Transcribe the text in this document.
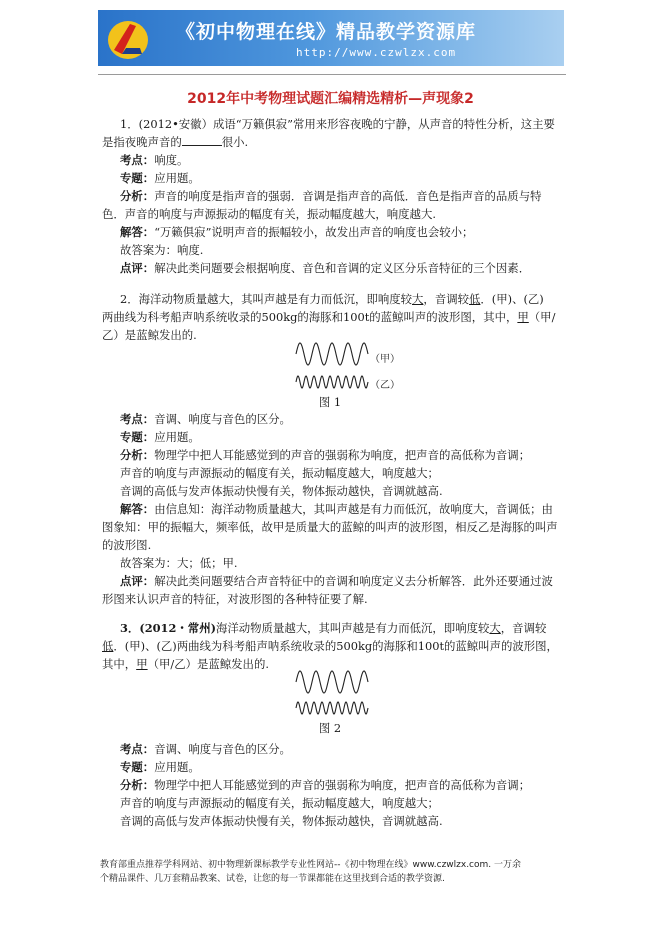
《初中物理在线》精品教学资源库
http://www.czwlzx.com
2012年中考物理试题汇编精选精析—声现象2

1．(2012•安徽）成语“万籁俱寂”常用来形容夜晚的宁静，从声音的特性分析，这主要

是指夜晚声音的	很小.

考点：响度。

专题：应用题。

分析：声音的响度是指声音的强弱．音调是指声音的高低．音色是指声音的品质与特

色．声音的响度与声源振动的幅度有关，振动幅度越大，响度越大.

解答：“万籁俱寂”说明声音的振幅较小，故发出声音的响度也会较小；

故答案为：响度.

点评：解决此类问题要会根据响度、音色和音调的定义区分乐音特征的三个因素．

2．海洋动物质量越大，其叫声越是有力而低沉，即响度较大，音调较低．(甲)、(乙)

两曲线为科考船声呐系统收录的500kg的海豚和100t的蓝鲸叫声的波形图，其中，甲（甲/

乙）是蓝鲸发出的.

（甲）
（乙）
图 1

考点：音调、响度与音色的区分。

专题：应用题。

分析：物理学中把人耳能感觉到的声音的强弱称为响度，把声音的高低称为音调；

声音的响度与声源振动的幅度有关，振动幅度越大，响度越大；

音调的高低与发声体振动快慢有关，物体振动越快，音调就越高.

解答：由信息知：海洋动物质量越大，其叫声越是有力而低沉，故响度大，音调低；由

图象知：甲的振幅大，频率低，故甲是质量大的蓝鲸的叫声的波形图，相反乙是海豚的叫声

的波形图.

故答案为：大；低；甲.

点评：解决此类问题要结合声音特征中的音调和响度定义去分析解答．此外还要通过波

形图来认识声音的特征，对波形图的各种特征要了解.

3．(2012・常州)海洋动物质量越大，其叫声越是有力而低沉，即响度较大，音调较

低．(甲)、(乙)两曲线为科考船声呐系统收录的500kg的海豚和100t的蓝鲸叫声的波形图，

其中，甲（甲/乙）是蓝鲸发出的.

图 2

考点：音调、响度与音色的区分。

专题：应用题。

分析：物理学中把人耳能感觉到的声音的强弱称为响度，把声音的高低称为音调；

声音的响度与声源振动的幅度有关，振动幅度越大，响度越大；

音调的高低与发声体振动快慢有关，物体振动越快，音调就越高.

教育部重点推荐学科网站、初中物理新课标教学专业性网站--《初中物理在线》www.czwlzx.com. 一万余
个精品课件、几万套精品教案、试卷，让您的每一节课都能在这里找到合适的教学资源.
